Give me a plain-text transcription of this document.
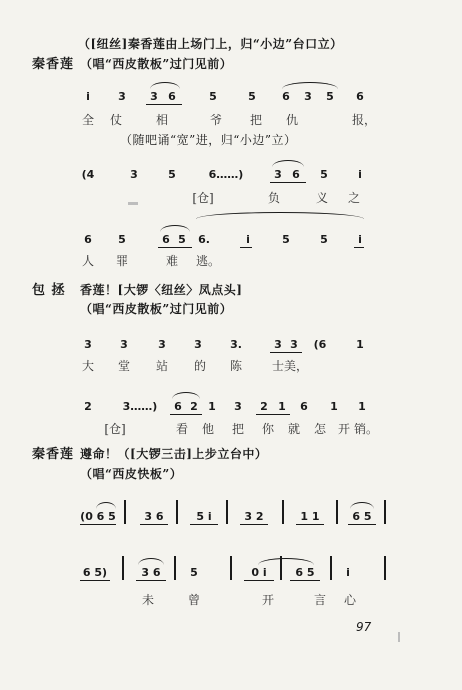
（[纽丝]秦香莲由上场门上，归“小边”台口立）
秦香莲 （唱“西皮散板”过门见前）
i	3	3 6	5	5	6	3	5	6
全 仗	相	爷 把 仇	报，
（随吧诵“宽”进，归“小边”立）
(4	3	5	6……)	3 6	5	i
[仓]	负	义 之
6	5	6 5	6.	i	5	5	i
人 罪	难 逃。
包 拯 香莲！[大锣〈纽丝〉凤点头]
（唱“西皮散板”过门见前）
3	3	3	3	3.	3 3	(6	1
大 堂 站 的 陈 士美，
2	3……)	6 2 1	3	2 1	6	1	1
[仓]	看 他 把 你 就 怎 开 销。
秦香莲 遵命！（[大锣三击]上步立台中）
（唱“西皮快板”）
(0 6 5	3 6	5 i	3 2	1 1	6 5
6 5)	3 6	5	0 i	6 5	i
未	曾	开	言 心
97
